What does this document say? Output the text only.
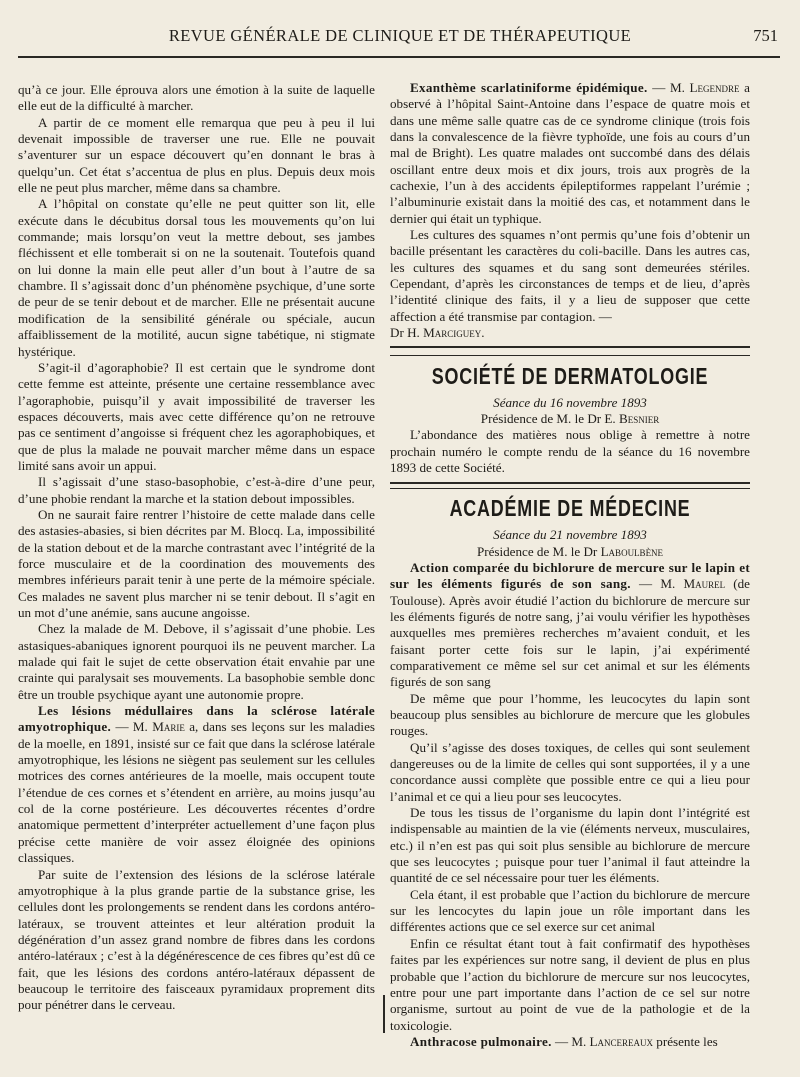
REVUE GÉNÉRALE DE CLINIQUE ET DE THÉRAPEUTIQUE	751

qu’à ce jour. Elle éprouva alors une émotion à la suite de laquelle elle eut de la difficulté à marcher.

A partir de ce moment elle remarqua que peu à peu il lui devenait impossible de traverser une rue. Elle ne pouvait s’aventurer sur un espace découvert qu’en donnant le bras à quelqu’un. Cet état s’accentua de plus en plus. Depuis deux mois elle ne peut plus marcher, même dans sa chambre.

A l’hôpital on constate qu’elle ne peut quitter son lit, elle exécute dans le décubitus dorsal tous les mouvements qu’on lui commande; mais lorsqu’on veut la mettre debout, ses jambes fléchissent et elle tomberait si on ne la soutenait. Toutefois quand on lui donne la main elle peut aller d’un bout à l’autre de sa chambre. Il s’agissait donc d’un phénomène psychique, d’une sorte de peur de se tenir debout et de marcher. Elle ne présentait aucune modification de la sensibilité générale ou spéciale, aucun affaiblissement de la motilité, aucun signe tabétique, ni stigmate hystérique.

S’agit-il d’agoraphobie? Il est certain que le syndrome dont cette femme est atteinte, présente une certaine ressemblance avec l’agoraphobie, puisqu’il y avait impossibilité de traverser les espaces découverts, mais avec cette différence qu’on ne retrouve pas ce sentiment d’angoisse si fréquent chez les agoraphobiques, et que de plus la malade ne pouvait marcher même dans un espace limité sans avoir un appui.

Il s’agissait d’une staso-basophobie, c’est-à-dire d’une peur, d’une phobie rendant la marche et la station debout impossibles.

On ne saurait faire rentrer l’histoire de cette malade dans celle des astasies-abasies, si bien décrites par M. Blocq. La, impossibilité de la station debout et de la marche contrastant avec l’intégrité de la force musculaire et de la coordination des mouvements des membres inférieurs parait tenir à une perte de la mémoire spéciale. Ces malades ne savent plus marcher ni se tenir debout. Il s’agit en un mot d’une anémie, sans aucune angoisse.

Chez la malade de M. Debove, il s’agissait d’une phobie. Les astasiques-abaniques ignorent pourquoi ils ne peuvent marcher. La malade qui fait le sujet de cette observation était envahie par une crainte qui paralysait ses mouvements. La basophobie semble donc être un trouble psychique ayant une autonomie propre.

Les lésions médullaires dans la sclérose latérale amyotrophique. — M. Marie a, dans ses leçons sur les maladies de la moelle, en 1891, insisté sur ce fait que dans la sclérose latérale amyotrophique, les lésions ne siègent pas seulement sur les cellules motrices des cornes antérieures de la moelle, mais occupent toute l’étendue de ces cornes et s’étendent en arrière, au moins jusqu’au col de la corne postérieure. Les découvertes récentes d’ordre anatomique permettent d’interpréter actuellement d’une façon plus précise cette manière de voir assez éloignée des opinions classiques.

Par suite de l’extension des lésions de la sclérose latérale amyotrophique à la plus grande partie de la substance grise, les cellules dont les prolongements se rendent dans les cordons antéro-latéraux, se trouvent atteintes et leur altération produit la dégénération d’un assez grand nombre de fibres dans les cordons antéro-latéraux ; c’est à la dégénérescence de ces fibres qu’est dû ce fait, que les lésions des cordons antéro-latéraux dépassent de beaucoup le territoire des faisceaux pyramidaux proprement dits pour pénétrer dans le cerveau.

Exanthème scarlatiniforme épidémique. — M. Legendre a observé à l’hôpital Saint-Antoine dans l’espace de quatre mois et dans une même salle quatre cas de ce syndrome clinique (trois fois dans la convalescence de la fièvre typhoïde, une fois au cours d’un mal de Bright). Les quatre malades ont succombé dans des délais oscillant entre deux mois et dix jours, trois aux progrès de la cachexie, l’un à des accidents épileptiformes rappelant l’urémie ; l’albuminurie existait dans la moitié des cas, et notamment dans le dernier qui était un typhique.

Les cultures des squames n’ont permis qu’une fois d’obtenir un bacille présentant les caractères du coli-bacille. Dans les autres cas, les cultures des squames et du sang sont demeurées stériles. Cependant, d’après les circonstances de temps et de lieu, d’après l’identité clinique des faits, il y a lieu de supposer que cette affection a été transmise par contagion. —

Dr H. Marciguey.

SOCIÉTÉ DE DERMATOLOGIE

Séance du 16 novembre 1893

Présidence de M. le Dr E. Besnier

L’abondance des matières nous oblige à remettre à notre prochain numéro le compte rendu de la séance du 16 novembre 1893 de cette Société.

ACADÉMIE DE MÉDECINE

Séance du 21 novembre 1893

Présidence de M. le Dr Laboulbène

Action comparée du bichlorure de mercure sur le lapin et sur les éléments figurés de son sang. — M. Maurel (de Toulouse). Après avoir étudié l’action du bichlorure de mercure sur les éléments figurés de notre sang, j’ai voulu vérifier les hypothèses auxquelles mes premières recherches m’avaient conduit, et les faisant porter cette fois sur le lapin, j’ai expérimenté comparativement ce même sel sur cet animal et sur les éléments figurés de son sang

De même que pour l’homme, les leucocytes du lapin sont beaucoup plus sensibles au bichlorure de mercure que les globules rouges.

Qu’il s’agisse des doses toxiques, de celles qui sont seulement dangereuses ou de la limite de celles qui sont supportées, il y a une concordance aussi complète que possible entre ce qui a lieu pour l’animal et ce qui a lieu pour ses leucocytes.

De tous les tissus de l’organisme du lapin dont l’intégrité est indispensable au maintien de la vie (éléments nerveux, musculaires, etc.) il n’en est pas qui soit plus sensible au bichlorure de mercure que ses leucocytes ; puisque pour tuer l’animal il faut atteindre la quantité de ce sel nécessaire pour tuer les éléments.

Cela étant, il est probable que l’action du bichlorure de mercure sur les lencocytes du lapin joue un rôle important dans les différentes actions que ce sel exerce sur cet animal

Enfin ce résultat étant tout à fait confirmatif des hypothèses faites par les expériences sur notre sang, il devient de plus en plus probable que l’action du bichlorure de mercure sur nos leucocytes, entre pour une part importante dans l’action de ce sel sur notre organisme, surtout au point de vue de la pathologie et de la toxicologie.

Anthracose pulmonaire. — M. Lancereaux présente les
